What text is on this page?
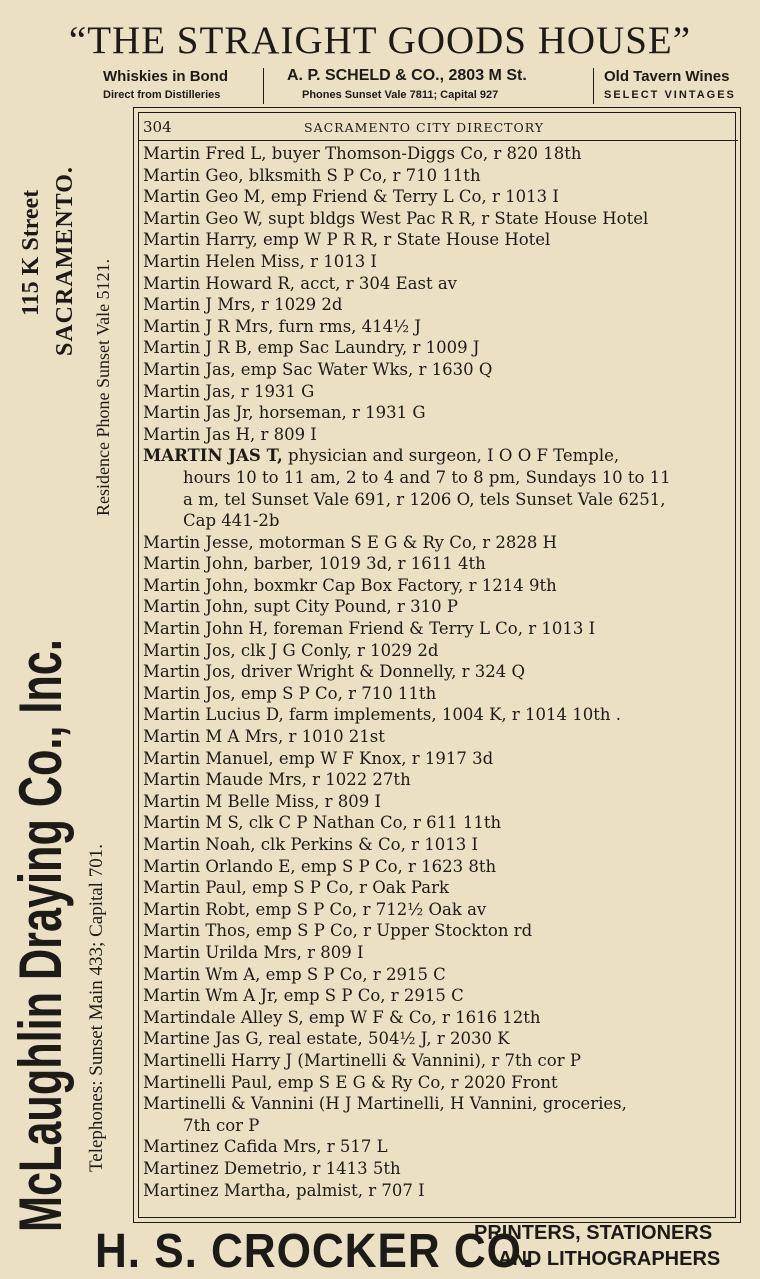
“THE STRAIGHT GOODS HOUSE”
Whiskies in Bond
Direct from Distilleries
A. P. SCHELD & CO., 2803 M St.
Phones Sunset Vale 7811; Capital 927
Old Tavern Wines
SELECT VINTAGES
McLaughlin Draying Co., Inc. Telephones: Sunset Main 433; Capital 701.
115 K Street SACRAMENTO. Residence Phone Sunset Vale 5121.
304	SACRAMENTO CITY DIRECTORY
Martin Fred L, buyer Thomson-Diggs Co, r 820 18th
Martin Geo, blksmith S P Co, r 710 11th
Martin Geo M, emp Friend & Terry L Co, r 1013 I
Martin Geo W, supt bldgs West Pac R R, r State House Hotel
Martin Harry, emp W P R R, r State House Hotel
Martin Helen Miss, r 1013 I
Martin Howard R, acct, r 304 East av
Martin J Mrs, r 1029 2d
Martin J R Mrs, furn rms, 414½ J
Martin J R B, emp Sac Laundry, r 1009 J
Martin Jas, emp Sac Water Wks, r 1630 Q
Martin Jas, r 1931 G
Martin Jas Jr, horseman, r 1931 G
Martin Jas H, r 809 I
MARTIN JAS T, physician and surgeon, I O O F Temple,
hours 10 to 11 am, 2 to 4 and 7 to 8 pm, Sundays 10 to 11
a m, tel Sunset Vale 691, r 1206 O, tels Sunset Vale 6251,
Cap 441-2b
Martin Jesse, motorman S E G & Ry Co, r 2828 H
Martin John, barber, 1019 3d, r 1611 4th
Martin John, boxmkr Cap Box Factory, r 1214 9th
Martin John, supt City Pound, r 310 P
Martin John H, foreman Friend & Terry L Co, r 1013 I
Martin Jos, clk J G Conly, r 1029 2d
Martin Jos, driver Wright & Donnelly, r 324 Q
Martin Jos, emp S P Co, r 710 11th
Martin Lucius D, farm implements, 1004 K, r 1014 10th .
Martin M A Mrs, r 1010 21st
Martin Manuel, emp W F Knox, r 1917 3d
Martin Maude Mrs, r 1022 27th
Martin M Belle Miss, r 809 I
Martin M S, clk C P Nathan Co, r 611 11th
Martin Noah, clk Perkins & Co, r 1013 I
Martin Orlando E, emp S P Co, r 1623 8th
Martin Paul, emp S P Co, r Oak Park
Martin Robt, emp S P Co, r 712½ Oak av
Martin Thos, emp S P Co, r Upper Stockton rd
Martin Urilda Mrs, r 809 I
Martin Wm A, emp S P Co, r 2915 C
Martin Wm A Jr, emp S P Co, r 2915 C
Martindale Alley S, emp W F & Co, r 1616 12th
Martine Jas G, real estate, 504½ J, r 2030 K
Martinelli Harry J (Martinelli & Vannini), r 7th cor P
Martinelli Paul, emp S E G & Ry Co, r 2020 Front
Martinelli & Vannini (H J Martinelli, H Vannini, groceries,
7th cor P
Martinez Cafida Mrs, r 517 L
Martinez Demetrio, r 1413 5th
Martinez Martha, palmist, r 707 I
H. S. CROCKER CO.
PRINTERS, STATIONERS
AND LITHOGRAPHERS
